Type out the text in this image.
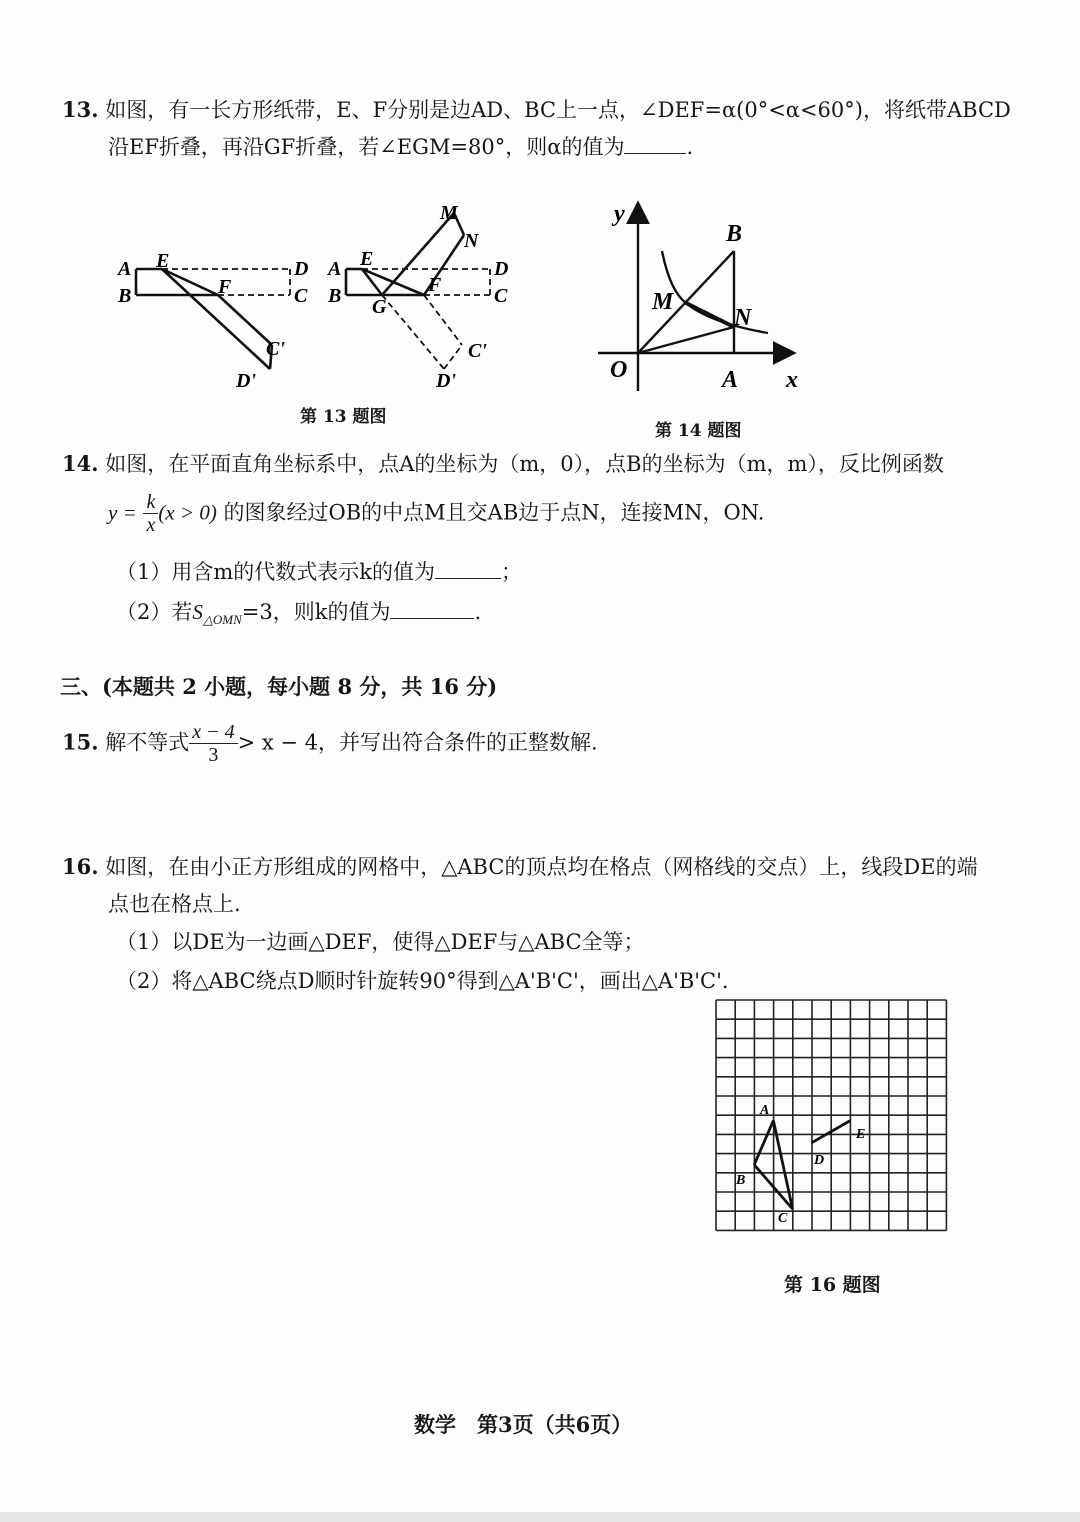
13. 如图，有一长方形纸带，E、F分别是边AD、BC上一点，∠DEF=α(0°<α<60°)，将纸带ABCD
沿EF折叠，再沿GF折叠，若∠EGM=80°，则α的值为	.
A
B
E
F
D
C
C'
D'
A
B
E
G
F
D
C
M
N
C'
D'
第 13 题图
y
x
O	A
B
M
N
第 14 题图
14. 如图，在平面直角坐标系中，点A的坐标为（m，0），点B的坐标为（m，m），反比例函数
$y = \frac{k}{x} (x > 0)$ 的图象经过OB的中点M且交AB边于点N，连接MN，ON.
（1）用含m的代数式表示k的值为	；
（2）若$S_{\triangle OMN}=3$，则k的值为	.
三、(本题共 2 小题，每小题 8 分，共 16 分)
15. 解不等式 $\frac{x - 4}{3} > x - 4$，并写出符合条件的正整数解.
16. 如图，在由小正方形组成的网格中，△ABC的顶点均在格点（网格线的交点）上，线段DE的端
点也在格点上.
（1）以DE为一边画△DEF，使得△DEF与△ABC全等；
（2）将△ABC绕点D顺时针旋转90°得到△A'B'C'，画出△A'B'C'.
A
B
C
D
E
第 16 题图
数学　第3页（共6页）
